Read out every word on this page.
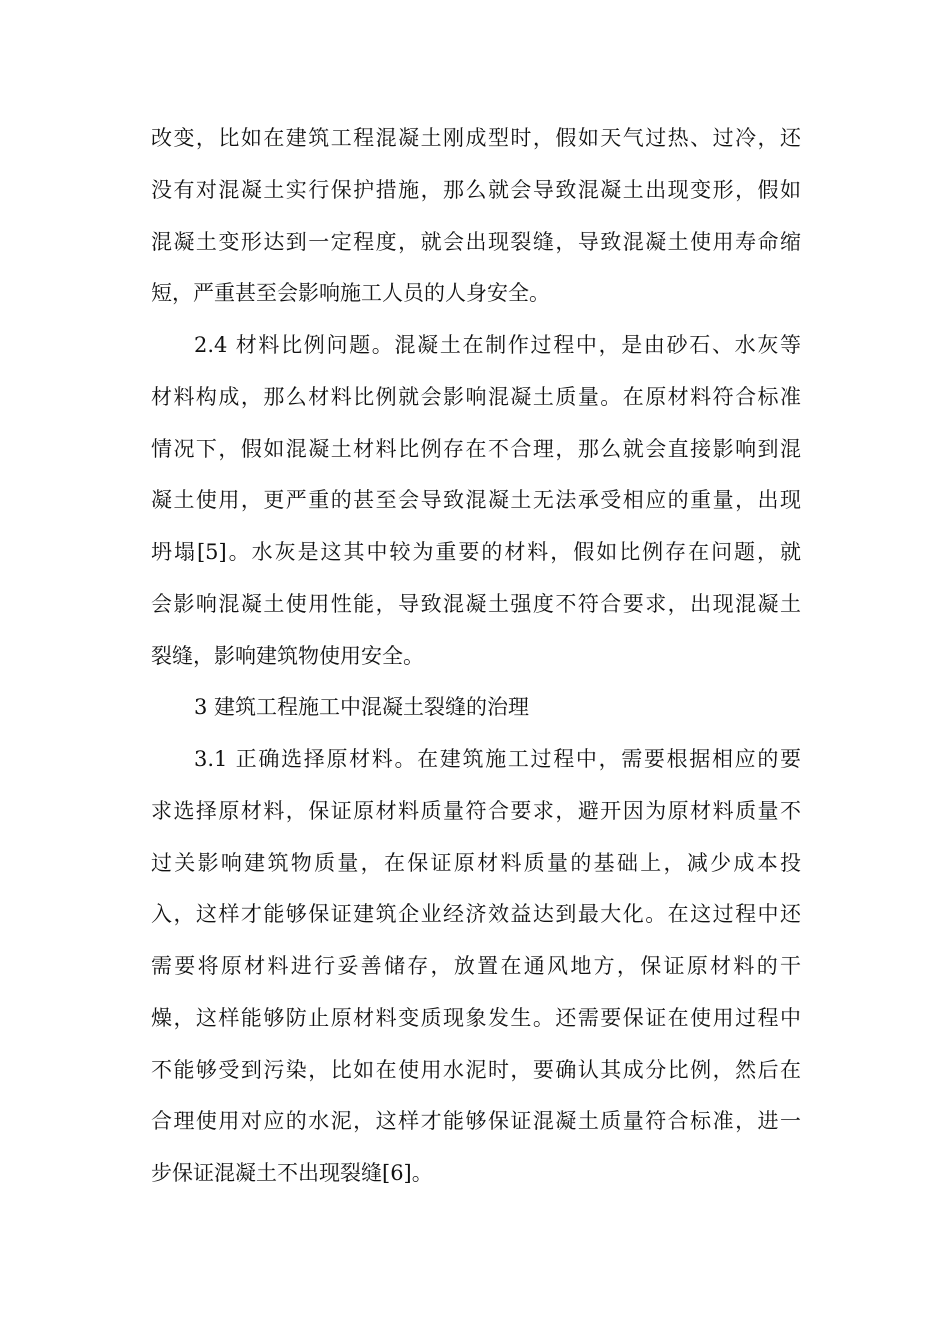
改变，比如在建筑工程混凝土刚成型时，假如天气过热、过冷，还
没有对混凝土实行保护措施，那么就会导致混凝土出现变形，假如
混凝土变形达到一定程度，就会出现裂缝，导致混凝土使用寿命缩
短，严重甚至会影响施工人员的人身安全。
2.4 材料比例问题。混凝土在制作过程中，是由砂石、水灰等
材料构成，那么材料比例就会影响混凝土质量。在原材料符合标准
情况下，假如混凝土材料比例存在不合理，那么就会直接影响到混
凝土使用，更严重的甚至会导致混凝土无法承受相应的重量，出现
坍塌[5]。水灰是这其中较为重要的材料，假如比例存在问题，就
会影响混凝土使用性能，导致混凝土强度不符合要求，出现混凝土
裂缝，影响建筑物使用安全。
3 建筑工程施工中混凝土裂缝的治理
3.1 正确选择原材料。在建筑施工过程中，需要根据相应的要
求选择原材料，保证原材料质量符合要求，避开因为原材料质量不
过关影响建筑物质量，在保证原材料质量的基础上，减少成本投
入，这样才能够保证建筑企业经济效益达到最大化。在这过程中还
需要将原材料进行妥善储存，放置在通风地方，保证原材料的干
燥，这样能够防止原材料变质现象发生。还需要保证在使用过程中
不能够受到污染，比如在使用水泥时，要确认其成分比例，然后在
合理使用对应的水泥，这样才能够保证混凝土质量符合标准，进一
步保证混凝土不出现裂缝[6]。
